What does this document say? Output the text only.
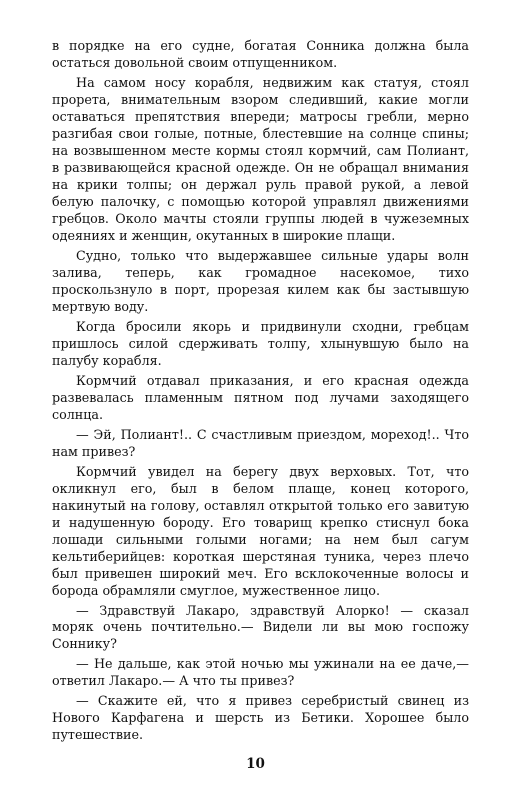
в порядке на его судне, богатая Сонника должна была остаться довольной своим отпущенником.

На самом носу корабля, недвижим как статуя, стоял прорета, внимательным взором следивший, какие могли оставаться препятствия впереди; матросы гребли, мерно разгибая свои голые, потные, блестевшие на солнце спины; на возвышенном месте кормы стоял кормчий, сам Полиант, в развивающейся красной одежде. Он не обращал внимания на крики толпы; он держал руль правой рукой, а левой белую палочку, с помощью которой управлял движениями гребцов. Около мачты стояли группы людей в чужеземных одеяниях и женщин, окутанных в широкие плащи.

Судно, только что выдержавшее сильные удары волн залива, теперь, как громадное насекомое, тихо проскользнуло в порт, прорезая килем как бы застывшую мертвую воду.

Когда бросили якорь и придвинули сходни, гребцам пришлось силой сдерживать толпу, хлынувшую было на палубу корабля.

Кормчий отдавал приказания, и его красная одежда развевалась пламенным пятном под лучами заходящего солнца.

— Эй, Полиант!.. С счастливым приездом, мореход!.. Что нам привез?

Кормчий увидел на берегу двух верховых. Тот, что окликнул его, был в белом плаще, конец которого, накинутый на голову, оставлял открытой только его завитую и надушенную бороду. Его товарищ крепко стиснул бока лошади сильными голыми ногами; на нем был сагум кельтиберийцев: короткая шерстяная туника, через плечо был привешен широкий меч. Его всклокоченные волосы и борода обрамляли смуглое, мужественное лицо.

— Здравствуй Лакаро, здравствуй Алорко! — сказал моряк очень почтительно.— Видели ли вы мою госпожу Соннику?

— Не дальше, как этой ночью мы ужинали на ее даче,— ответил Лакаро.— А что ты привез?

— Скажите ей, что я привез серебристый свинец из Нового Карфагена и шерсть из Бетики. Хорошее было путешествие.

10
